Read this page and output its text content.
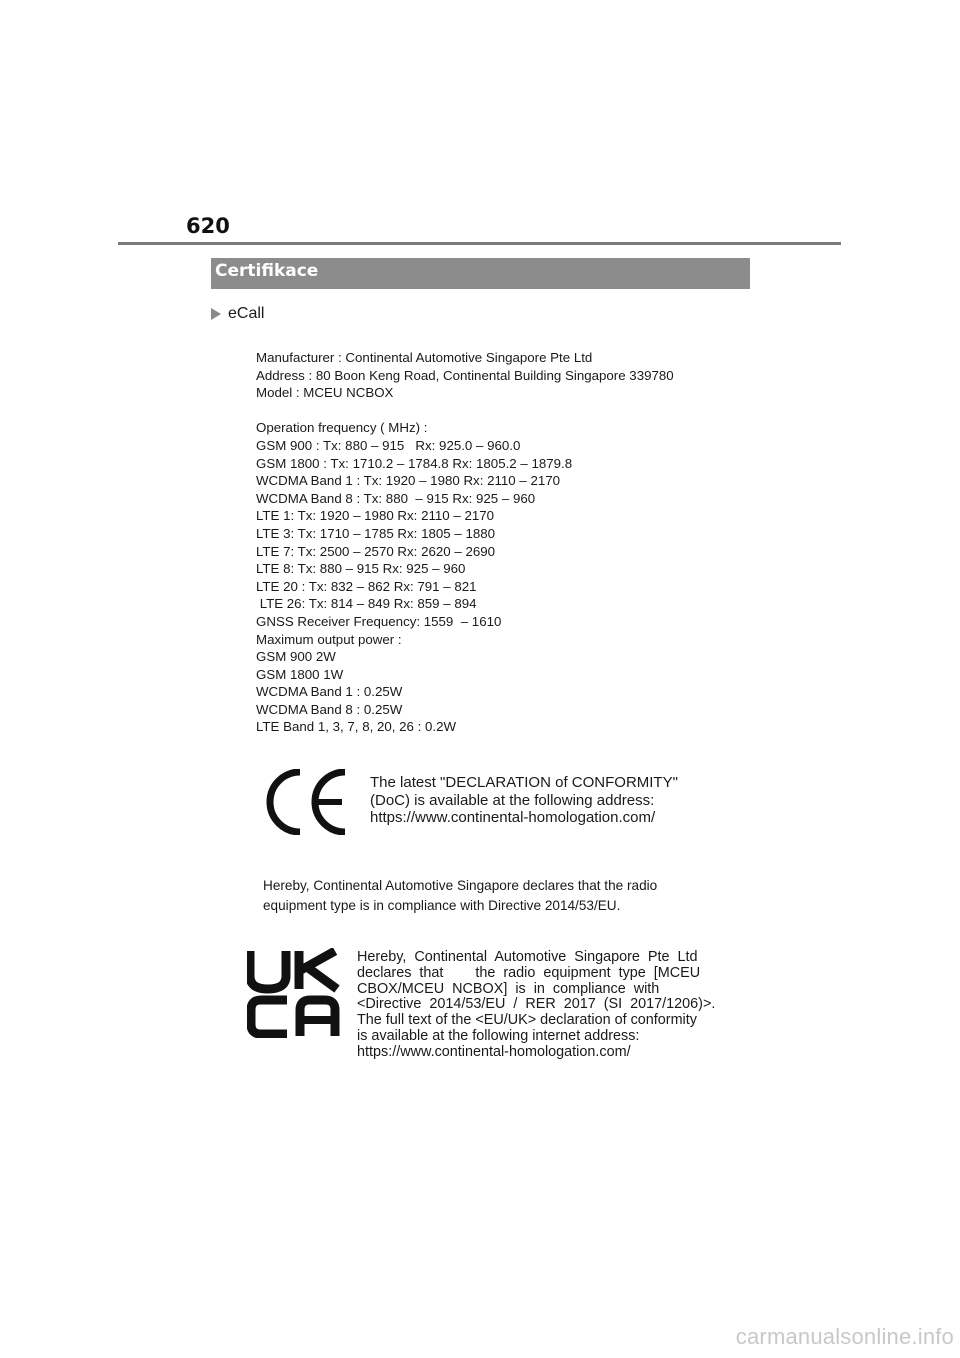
620
Certifikace
eCall
Manufacturer : Continental Automotive Singapore Pte Ltd
Address : 80 Boon Keng Road, Continental Building Singapore 339780
Model : MCEU NCBOX
Operation frequency ( MHz) :
GSM 900 : Tx: 880 – 915   Rx: 925.0 – 960.0
GSM 1800 : Tx: 1710.2 – 1784.8 Rx: 1805.2 – 1879.8
WCDMA Band 1 : Tx: 1920 – 1980 Rx: 2110 – 2170
WCDMA Band 8 : Tx: 880  – 915 Rx: 925 – 960
LTE 1: Tx: 1920 – 1980 Rx: 2110 – 2170
LTE 3: Tx: 1710 – 1785 Rx: 1805 – 1880
LTE 7: Tx: 2500 – 2570 Rx: 2620 – 2690
LTE 8: Tx: 880 – 915 Rx: 925 – 960
LTE 20 : Tx: 832 – 862 Rx: 791 – 821
LTE 26: Tx: 814 – 849 Rx: 859 – 894
GNSS Receiver Frequency: 1559  – 1610
Maximum output power :
GSM 900 2W
GSM 1800 1W
WCDMA Band 1 : 0.25W
WCDMA Band 8 : 0.25W
LTE Band 1, 3, 7, 8, 20, 26 : 0.2W
The latest "DECLARATION of CONFORMITY"
(DoC) is available at the following address:
https://www.continental-homologation.com/
Hereby, Continental Automotive Singapore declares that the radio
equipment type is in compliance with Directive 2014/53/EU.
Hereby,  Continental  Automotive  Singapore  Pte  Ltd
declares  that        the  radio  equipment  type  [MCEU
CBOX/MCEU  NCBOX]  is  in  compliance  with
<Directive  2014/53/EU  /  RER  2017  (SI  2017/1206)>.
The full text of the <EU/UK> declaration of conformity
is available at the following internet address:
https://www.continental-homologation.com/
carmanualsonline.info
